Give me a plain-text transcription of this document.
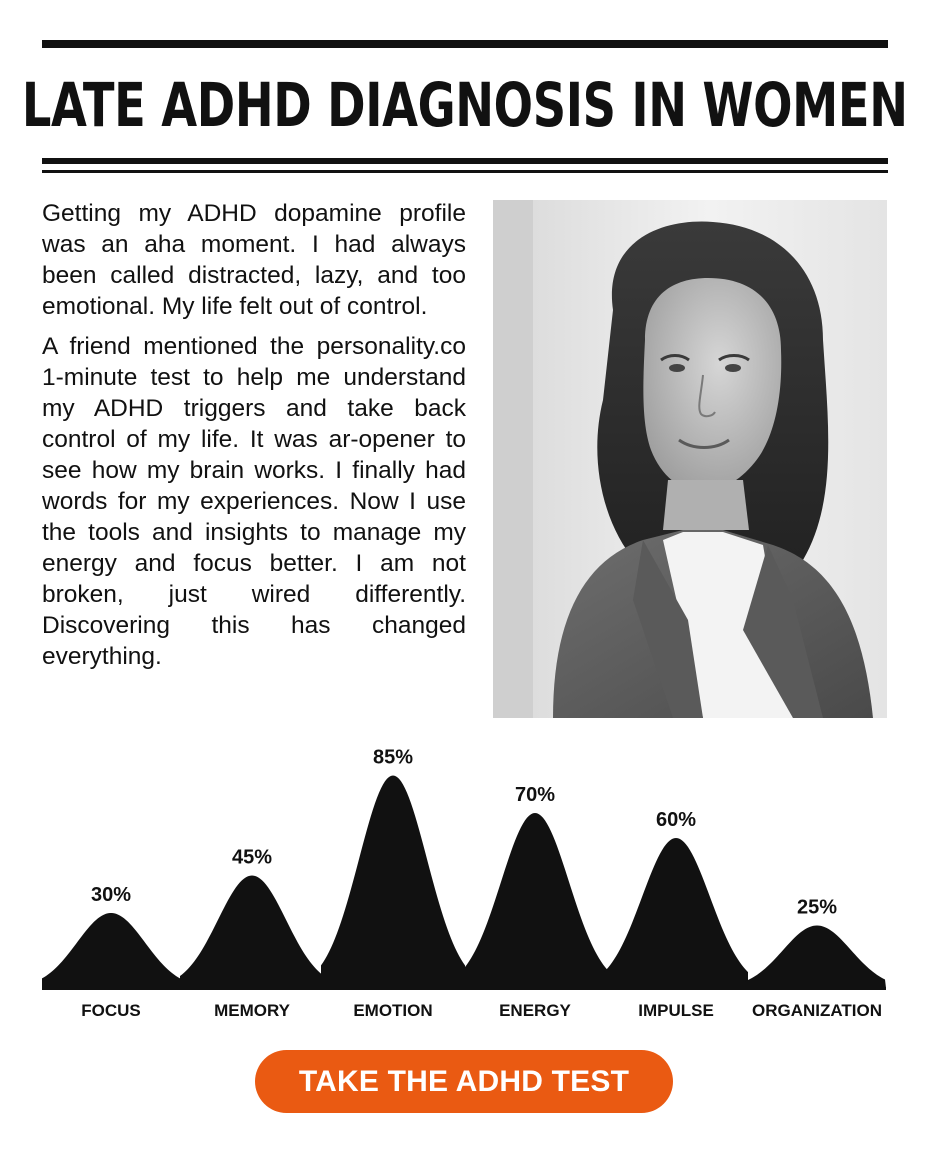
LATE ADHD DIAGNOSIS IN WOMEN

Getting my ADHD dopamine profile was an aha moment. I had always been called distracted, lazy, and too emotional. My life felt out of control.

A friend mentioned the personality.co 1-minute test to help me understand my ADHD triggers and take back control of my life. It was ar-opener to see how my brain works. I finally had words for my experiences. Now I use the tools and insights to manage my energy and focus better. I am not broken, just wired differently. Discovering this has changed everything.

30%
FOCUS
45%
MEMORY
85%
EMOTION
70%
ENERGY
60%
IMPULSE
25%
ORGANIZATION
TAKE THE ADHD TEST
